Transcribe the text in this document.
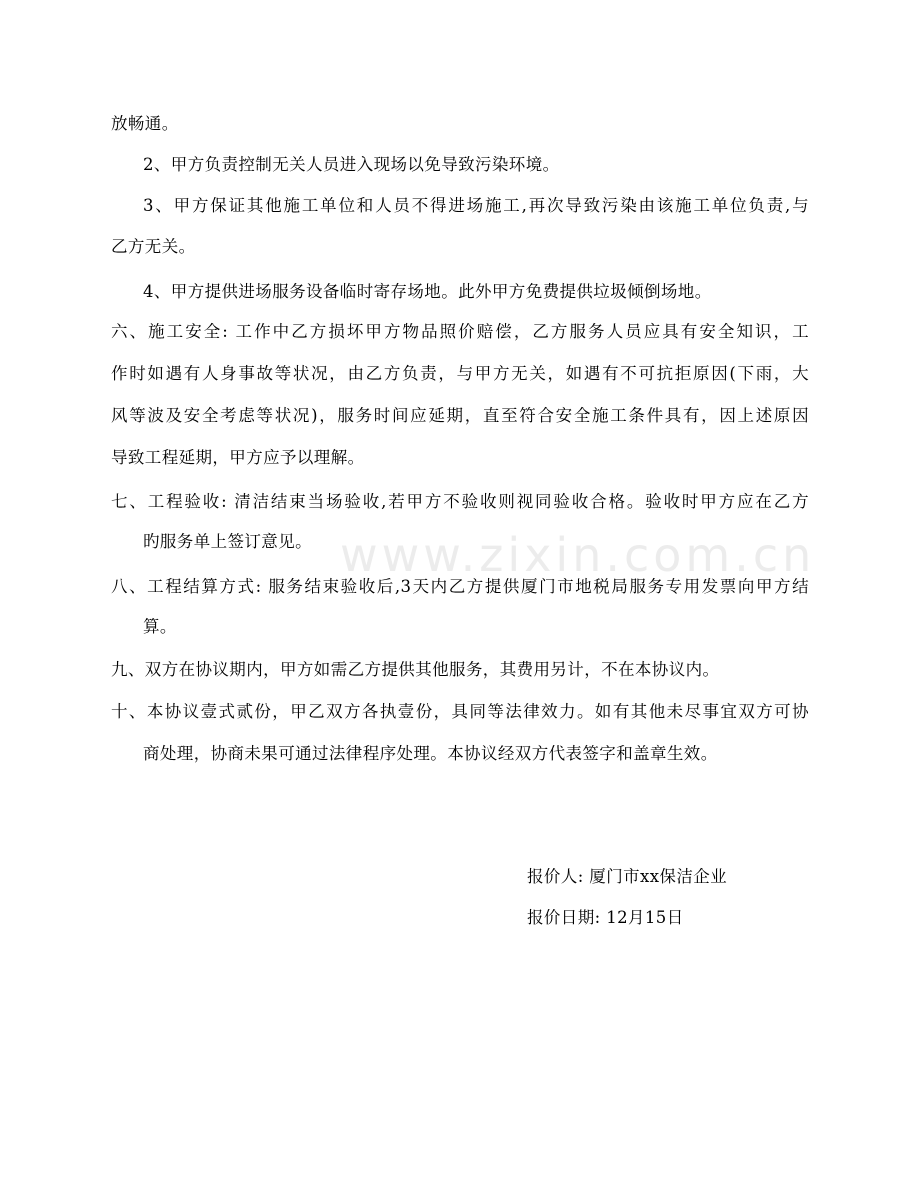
www.zixin.com.cn
放畅通。
2、甲方负责控制无关人员进入现场以免导致污染环境。
3、甲方保证其他施工单位和人员不得进场施工,再次导致污染由该施工单位负责,与
乙方无关。
4、甲方提供进场服务设备临时寄存场地。此外甲方免费提供垃圾倾倒场地。
六、施工安全: 工作中乙方损坏甲方物品照价赔偿，乙方服务人员应具有安全知识，工
作时如遇有人身事故等状况，由乙方负责，与甲方无关，如遇有不可抗拒原因(下雨，大
风等波及安全考虑等状况)，服务时间应延期，直至符合安全施工条件具有，因上述原因
导致工程延期，甲方应予以理解。
七、工程验收: 清洁结束当场验收,若甲方不验收则视同验收合格。验收时甲方应在乙方
旳服务单上签订意见。
八、工程结算方式: 服务结束验收后,3天内乙方提供厦门市地税局服务专用发票向甲方结
算。
九、双方在协议期内，甲方如需乙方提供其他服务，其费用另计，不在本协议内。
十、本协议壹式贰份，甲乙双方各执壹份，具同等法律效力。如有其他未尽事宜双方可协
商处理，协商未果可通过法律程序处理。本协议经双方代表签字和盖章生效。
报价人: 厦门市xx保洁企业
报价日期: 12月15日
